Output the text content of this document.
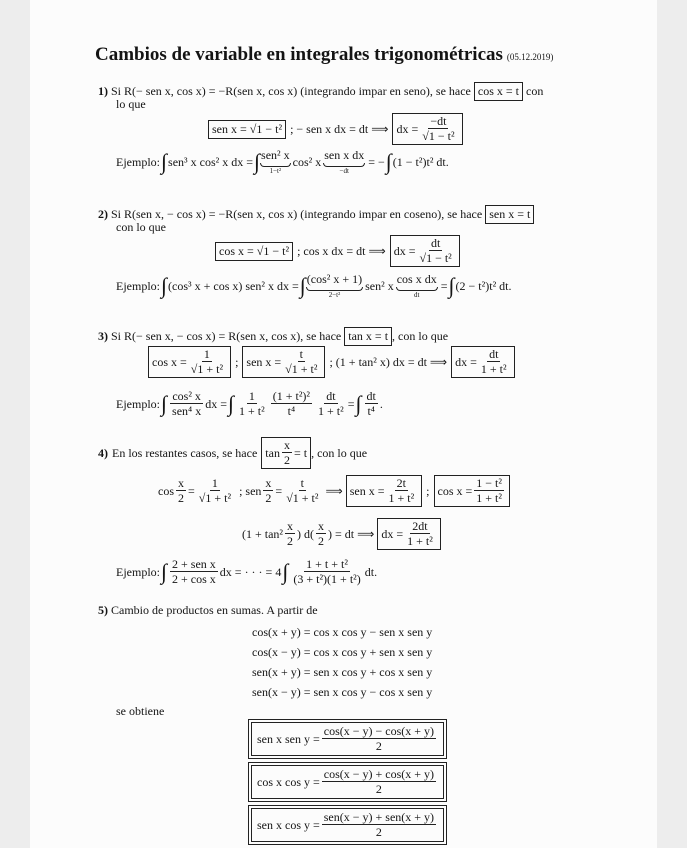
Cambios de variable en integrales trigonométricas (05.12.2019)
1) Si R(− sen x, cos x) = −R(sen x, cos x) (integrando impar en seno), se hace cos x = t con
lo que
sen x = √1 − t² ; − sen x dx = dt ⟹ dx = $\frac{-dt}{\text{√1 − t²}}$
Ejemplo: ∫ sen³ x cos² x dx = ∫ sen² x
1−t²
cos² x sen x dx
−dt
= − ∫ (1 − t²)t² dt.
2) Si R(sen x, − cos x) = −R(sen x, cos x) (integrando impar en coseno), se hace sen x = t
con lo que
cos x = √1 − t² ; cos x dx = dt ⟹ dx = $\frac{dt}{\text{√1 − t²}}$
Ejemplo: ∫ (cos³ x + cos x) sen² x dx = ∫ (cos² x + 1)
2−t²
sen² x cos x dx
dt
= ∫ (2 − t²)t² dt.
3) Si R(− sen x, − cos x) = R(sen x, cos x), se hace tan x = t , con lo que
$\cos x = \frac{1}{\text{√1 + t²}}$ ; sen $x = \frac{t}{\text{√1 + t²}}$ ; (1 + tan² x) dx = dt ⟹ dx = $\frac{dt}{\text{1 + t²}}$
Ejemplo: ∫ $\frac{\text{cos² x}}{\text{sen⁴ x}}$ dx = ∫ $\frac{1}{\text{1 + t²}} \frac{\text{(1 + t²)²}}{\text{t⁴}} \frac{dt}{\text{1 + t²}}$ = ∫ $\frac{dt}{\text{t⁴}}$ .
4) En los restantes casos, se hace $\tan \frac{x}{2} = t$ , con lo que
$\cos \frac{x}{2} = \frac{1}{\text{√1 + t²}}$ ; sen $\frac{x}{2} = \frac{t}{\text{√1 + t²}}$ ⟹ sen $x = \frac{2t}{\text{1 + t²}}$ ; $\cos x = \frac{\text{1 − t²}}{\text{1 + t²}}$
($1 + \tan^2 \frac{x}{2}$ ) $d( \frac{x}{2}$ ) = dt ⟹ dx = $\frac{2dt}{\text{1 + t²}}$
Ejemplo: ∫ $\frac{\text{2 + sen x}}{\text{2 + cos x}}$ dx = · · · = 4 ∫ $\frac{\text{1 + t + t²}}{\text{(3 + t²)(1 + t²)}}$ dt.
5) Cambio de productos en sumas. A partir de
cos(x + y) = cos x cos y − sen x sen y
cos(x − y) = cos x cos y + sen x sen y
sen(x + y) = sen x cos y + cos x sen y
sen(x − y) = sen x cos y − cos x sen y
se obtiene
sen x sen $y = \frac{\cos(x - y) - \cos(x + y)}{2}$
cos x $\cos y = \frac{\cos(x - y) + \cos(x + y)}{2}$
sen x $\cos y = \frac{\text{sen(x − y) + sen(x + y)}}{2}$
